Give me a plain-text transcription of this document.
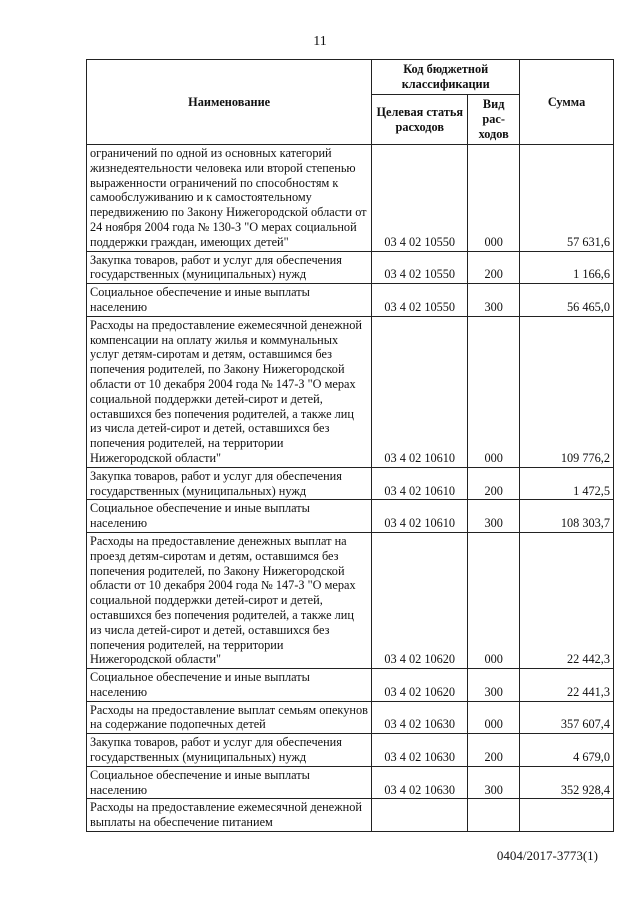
11
Наименование	Код бюджетной классификации		Сумма
	Целевая статья расходов	Вид рас-ходов	
ограничений по одной из основных категорий жизнедеятельности человека или второй степенью выраженности ограничений по способностям к самообслуживанию и к самостоятельному передвижению по Закону Нижегородской области от 24 ноября 2004 года № 130-З "О мерах социальной поддержки граждан, имеющих детей"	03 4 02 10550	000	57 631,6
Закупка товаров, работ и услуг для обеспечения государственных (муниципальных) нужд	03 4 02 10550	200	1 166,6
Социальное обеспечение и иные выплаты населению	03 4 02 10550	300	56 465,0
Расходы на предоставление ежемесячной денежной компенсации на оплату жилья и коммунальных услуг детям-сиротам и детям, оставшимся без попечения родителей, по Закону Нижегородской области от 10 декабря 2004 года № 147-З "О мерах социальной поддержки детей-сирот и детей, оставшихся без попечения родителей, а также лиц из числа детей-сирот и детей, оставшихся без попечения родителей, на территории Нижегородской области"	03 4 02 10610	000	109 776,2
Закупка товаров, работ и услуг для обеспечения государственных (муниципальных) нужд	03 4 02 10610	200	1 472,5
Социальное обеспечение и иные выплаты населению	03 4 02 10610	300	108 303,7
Расходы на предоставление денежных выплат на проезд детям-сиротам и детям, оставшимся без попечения родителей, по Закону Нижегородской области от 10 декабря 2004 года № 147-З "О мерах социальной поддержки детей-сирот и детей, оставшихся без попечения родителей, а также лиц из числа детей-сирот и детей, оставшихся без попечения родителей, на территории Нижегородской области"	03 4 02 10620	000	22 442,3
Социальное обеспечение и иные выплаты населению	03 4 02 10620	300	22 441,3
Расходы на предоставление выплат семьям опекунов на содержание подопечных детей	03 4 02 10630	000	357 607,4
Закупка товаров, работ и услуг для обеспечения государственных (муниципальных) нужд	03 4 02 10630	200	4 679,0
Социальное обеспечение и иные выплаты населению	03 4 02 10630	300	352 928,4
Расходы на предоставление ежемесячной денежной выплаты на обеспечение питанием			
0404/2017-3773(1)
